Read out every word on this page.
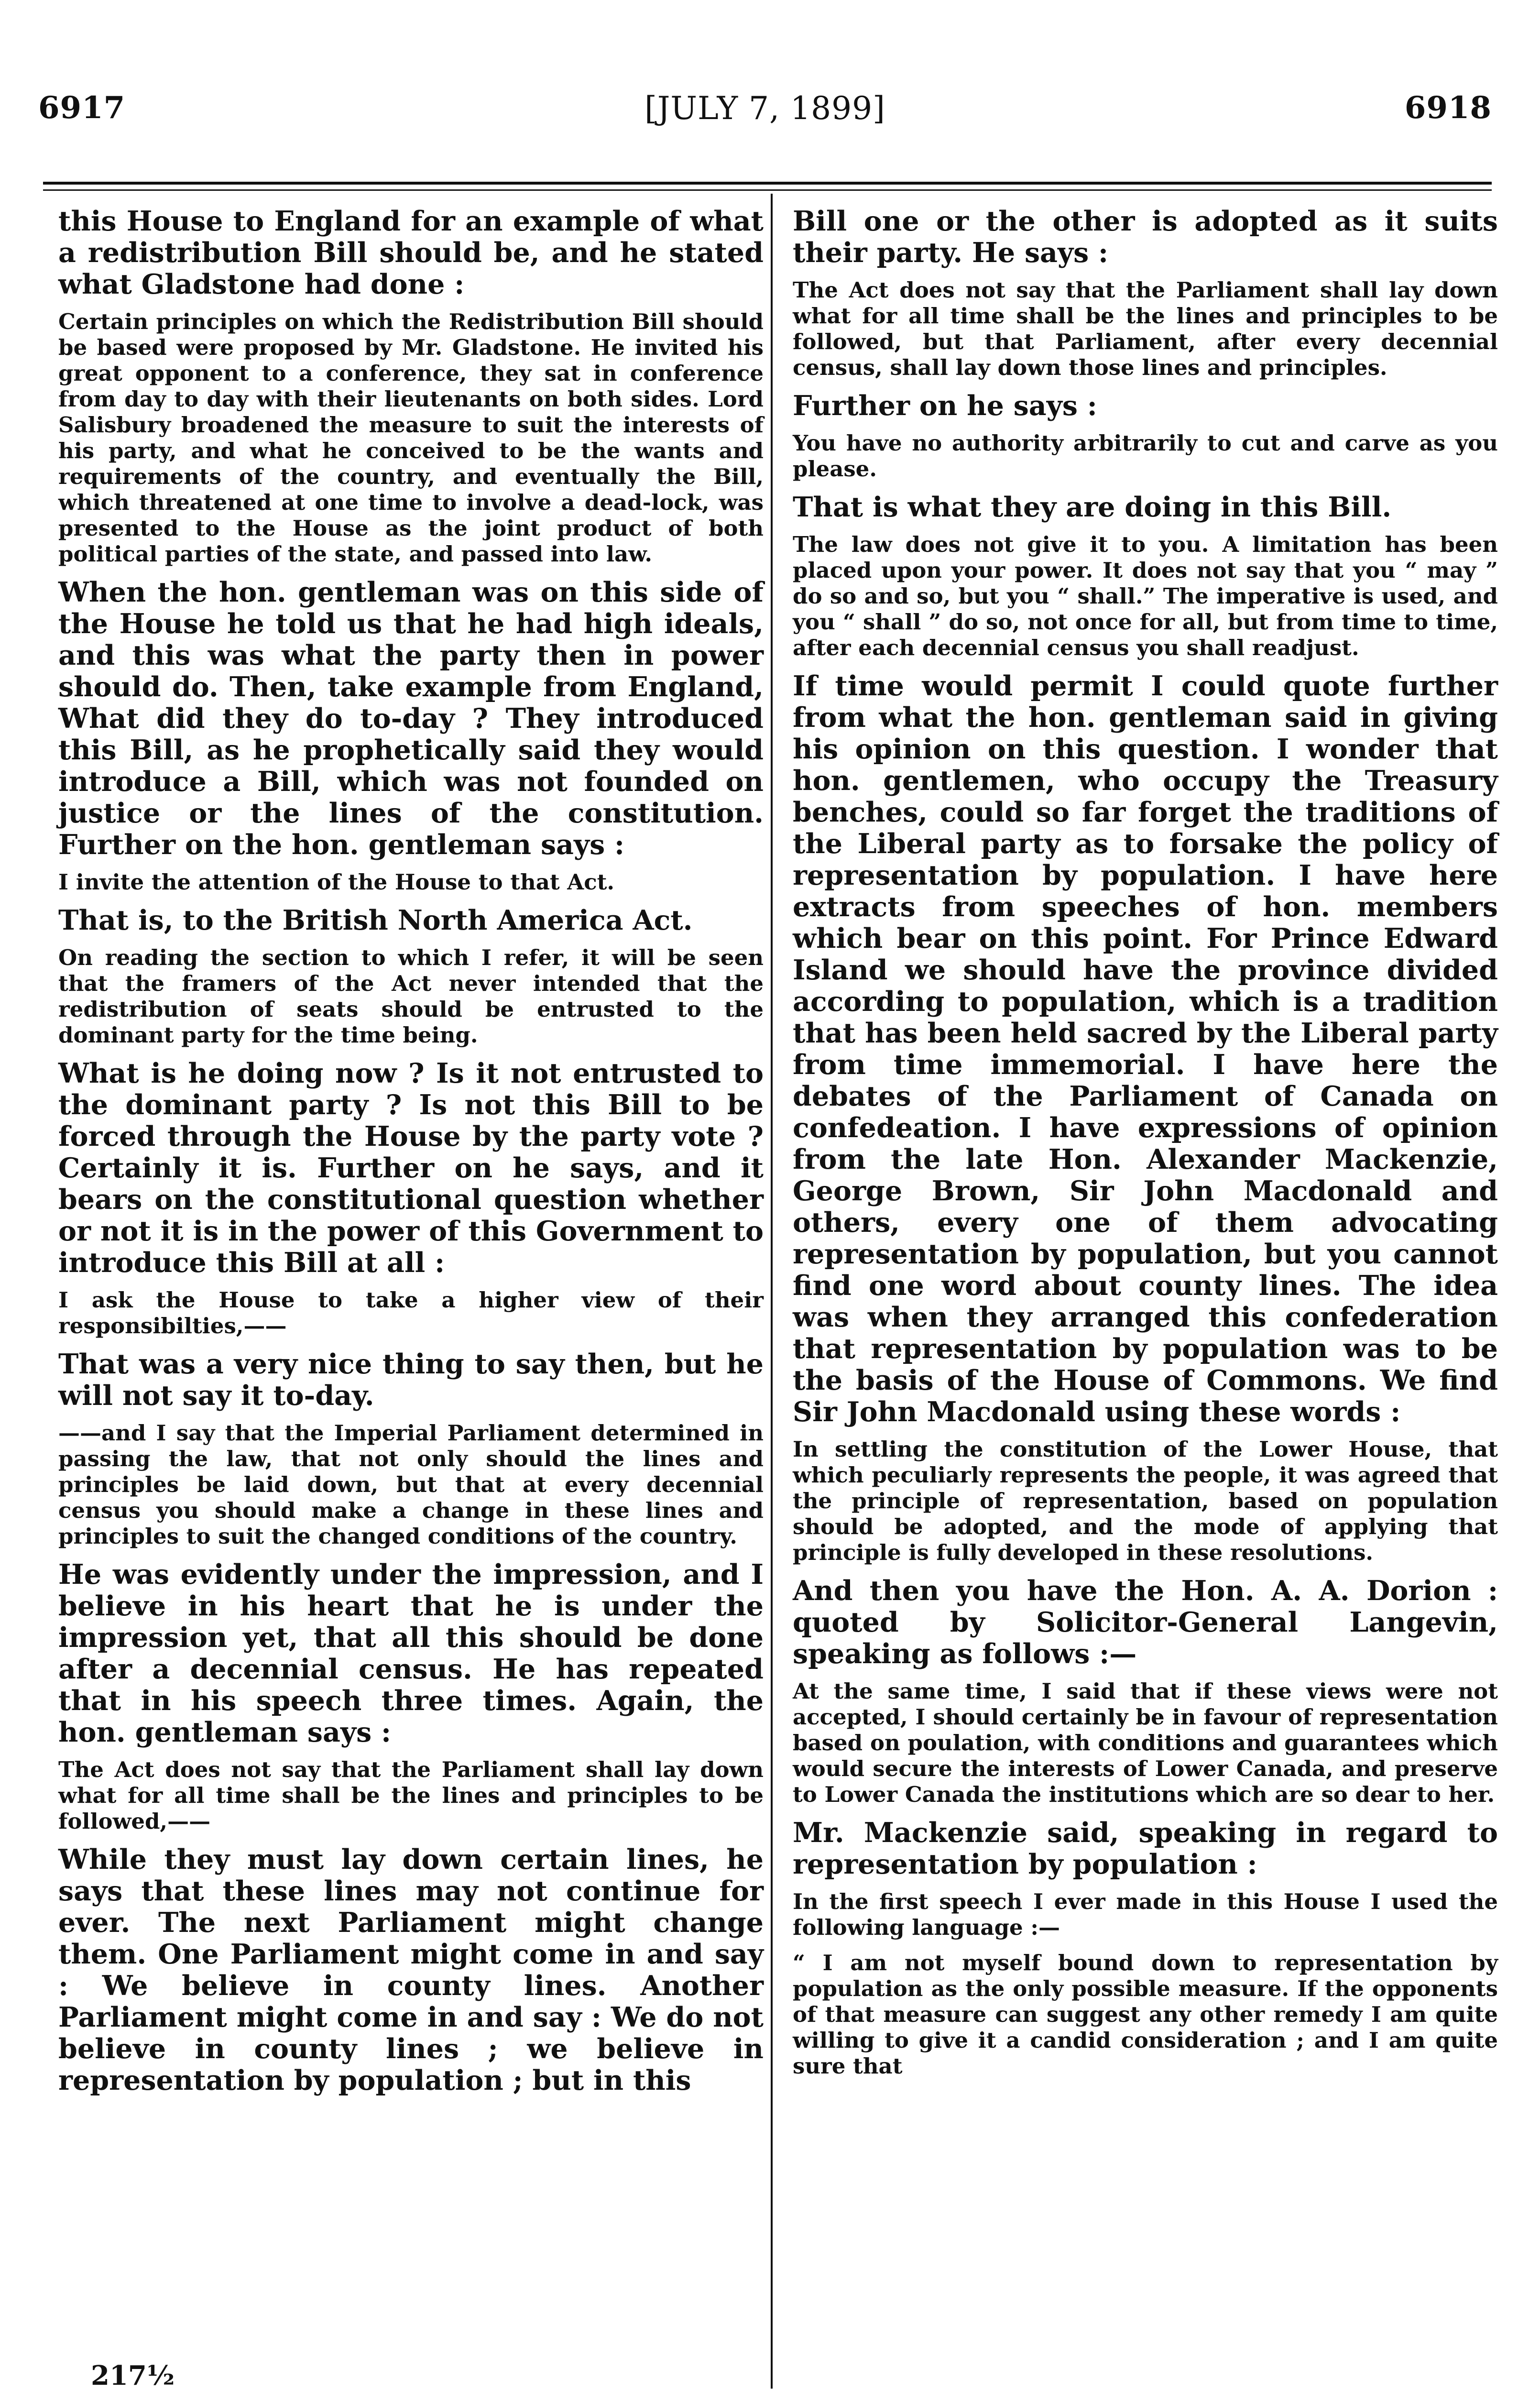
6917	[JULY 7, 1899]	6918

this House to England for an example of what a redistribution Bill should be, and he stated what Gladstone had done :

Certain principles on which the Redistribution Bill should be based were proposed by Mr. Gladstone. He invited his great opponent to a conference, they sat in conference from day to day with their lieutenants on both sides. Lord Salisbury broadened the measure to suit the interests of his party, and what he conceived to be the wants and requirements of the country, and eventually the Bill, which threatened at one time to involve a dead-lock, was presented to the House as the joint product of both political parties of the state, and passed into law.

When the hon. gentleman was on this side of the House he told us that he had high ideals, and this was what the party then in power should do. Then, take example from England, What did they do to-day ? They introduced this Bill, as he prophetically said they would introduce a Bill, which was not founded on justice or the lines of the constitution. Further on the hon. gentleman says :

I invite the attention of the House to that Act.

That is, to the British North America Act.

On reading the section to which I refer, it will be seen that the framers of the Act never intended that the redistribution of seats should be entrusted to the dominant party for the time being.

What is he doing now ? Is it not entrusted to the dominant party ? Is not this Bill to be forced through the House by the party vote ? Certainly it is. Further on he says, and it bears on the constitutional question whether or not it is in the power of this Government to introduce this Bill at all :

I ask the House to take a higher view of their responsibilties,——

That was a very nice thing to say then, but he will not say it to-day.

——and I say that the Imperial Parliament determined in passing the law, that not only should the lines and principles be laid down, but that at every decennial census you should make a change in these lines and principles to suit the changed conditions of the country.

He was evidently under the impression, and I believe in his heart that he is under the impression yet, that all this should be done after a decennial census. He has repeated that in his speech three times. Again, the hon. gentleman says :

The Act does not say that the Parliament shall lay down what for all time shall be the lines and principles to be followed,——

While they must lay down certain lines, he says that these lines may not continue for ever. The next Parliament might change them. One Parliament might come in and say : We believe in county lines. Another Parliament might come in and say : We do not believe in county lines ; we believe in representation by population ; but in this

Bill one or the other is adopted as it suits their party. He says :

The Act does not say that the Parliament shall lay down what for all time shall be the lines and principles to be followed, but that Parliament, after every decennial census, shall lay down those lines and principles.

Further on he says :

You have no authority arbitrarily to cut and carve as you please.

That is what they are doing in this Bill.

The law does not give it to you. A limitation has been placed upon your power. It does not say that you “ may ” do so and so, but you “ shall.” The imperative is used, and you “ shall ” do so, not once for all, but from time to time, after each decennial census you shall readjust.

If time would permit I could quote further from what the hon. gentleman said in giving his opinion on this question. I wonder that hon. gentlemen, who occupy the Treasury benches, could so far forget the traditions of the Liberal party as to forsake the policy of representation by population. I have here extracts from speeches of hon. members which bear on this point. For Prince Edward Island we should have the province divided according to population, which is a tradition that has been held sacred by the Liberal party from time immemorial. I have here the debates of the Parliament of Canada on confedeation. I have expressions of opinion from the late Hon. Alexander Mackenzie, George Brown, Sir John Macdonald and others, every one of them advocating representation by population, but you cannot find one word about county lines. The idea was when they arranged this confederation that representation by population was to be the basis of the House of Commons. We find Sir John Macdonald using these words :

In settling the constitution of the Lower House, that which peculiarly represents the people, it was agreed that the principle of representation, based on population should be adopted, and the mode of applying that principle is fully developed in these resolutions.

And then you have the Hon. A. A. Dorion : quoted by Solicitor-General Langevin, speaking as follows :—

At the same time, I said that if these views were not accepted, I should certainly be in favour of representation based on poulation, with conditions and guarantees which would secure the interests of Lower Canada, and preserve to Lower Canada the institutions which are so dear to her.

Mr. Mackenzie said, speaking in regard to representation by population :

In the first speech I ever made in this House I used the following language :—

“ I am not myself bound down to representation by population as the only possible measure. If the opponents of that measure can suggest any other remedy I am quite willing to give it a candid consideration ; and I am quite sure that

217½
